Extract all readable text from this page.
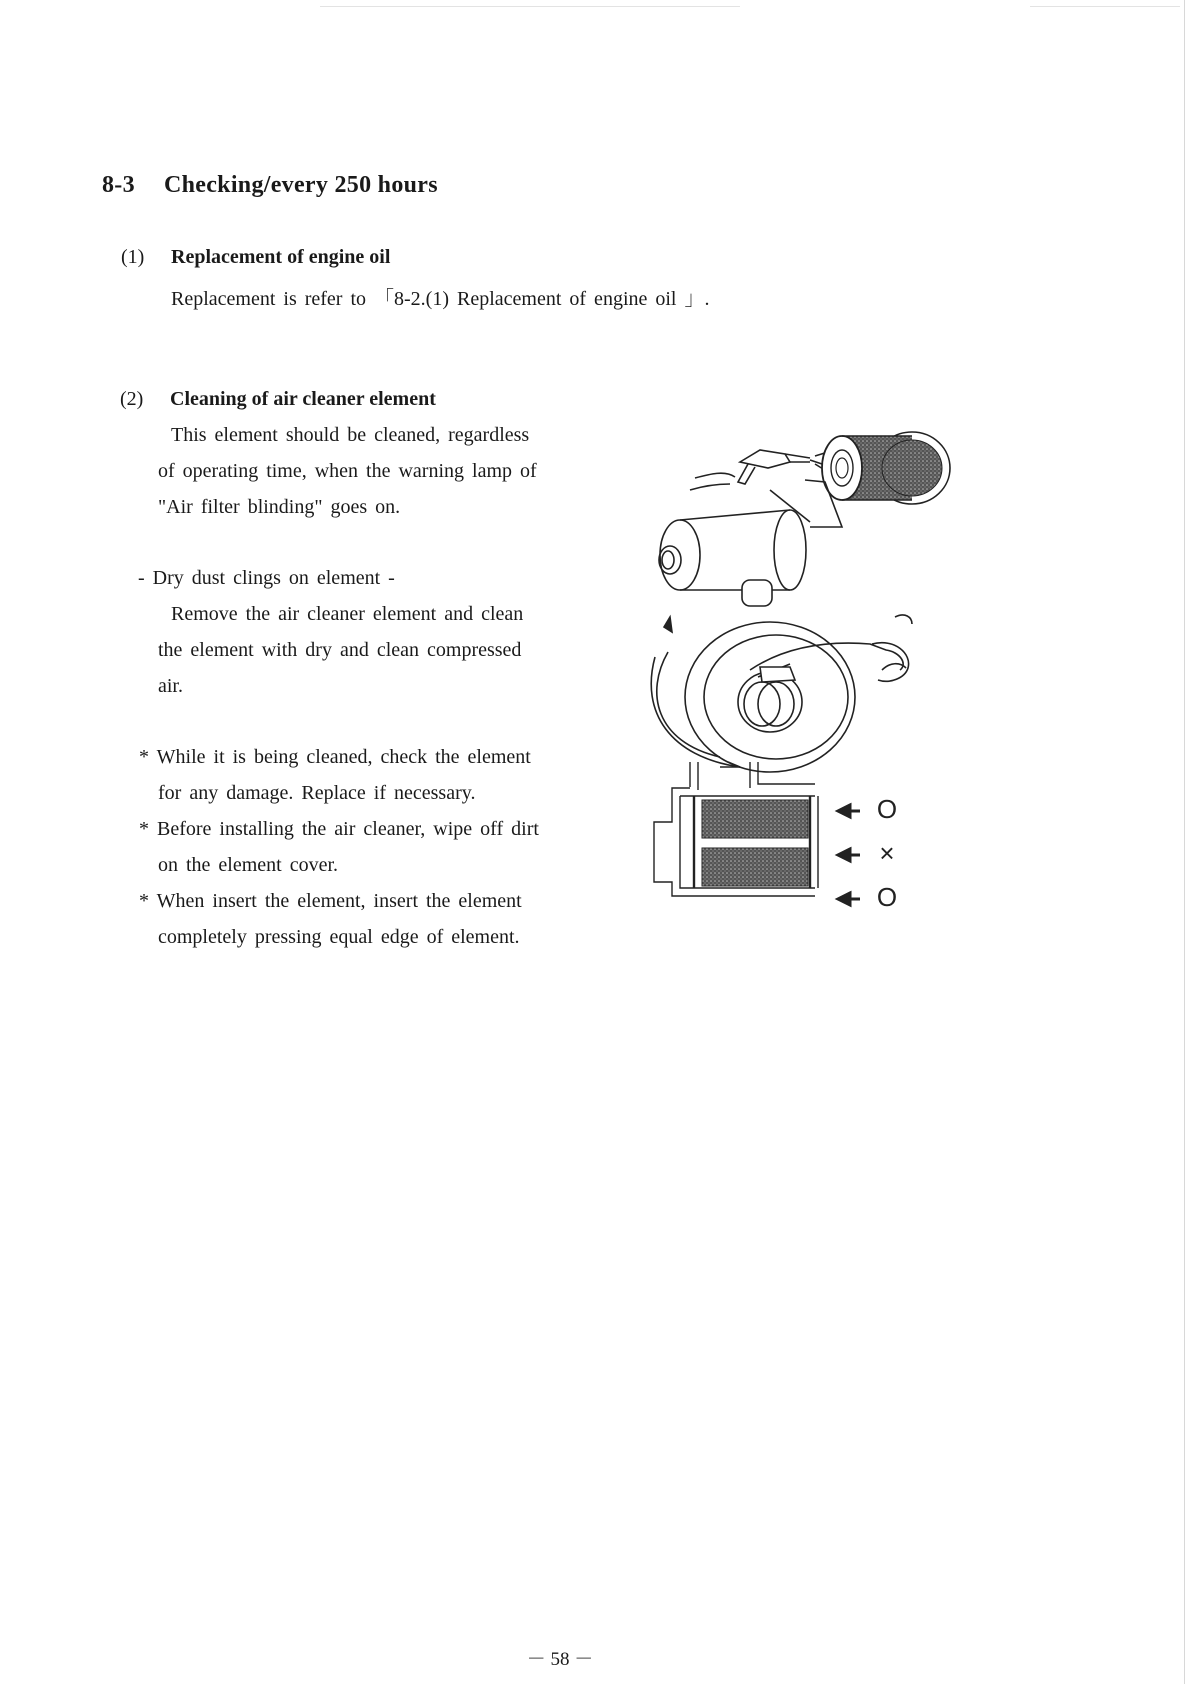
8-3 Checking/every 250 hours
(1) Replacement of engine oil
Replacement is refer to 「8-2.(1) Replacement of engine oil 」.
(2) Cleaning of air cleaner element
This element should be cleaned, regardless
of operating time, when the warning lamp of
"Air filter blinding" goes on.
- Dry dust clings on element -
Remove the air cleaner element and clean
the element with dry and clean compressed
air.
* While it is being cleaned, check the element
for any damage. Replace if necessary.
* Before installing the air cleaner, wipe off dirt
on the element cover.
* When insert the element, insert the element
completely pressing equal edge of element.
O
×
O
－ 58 －
